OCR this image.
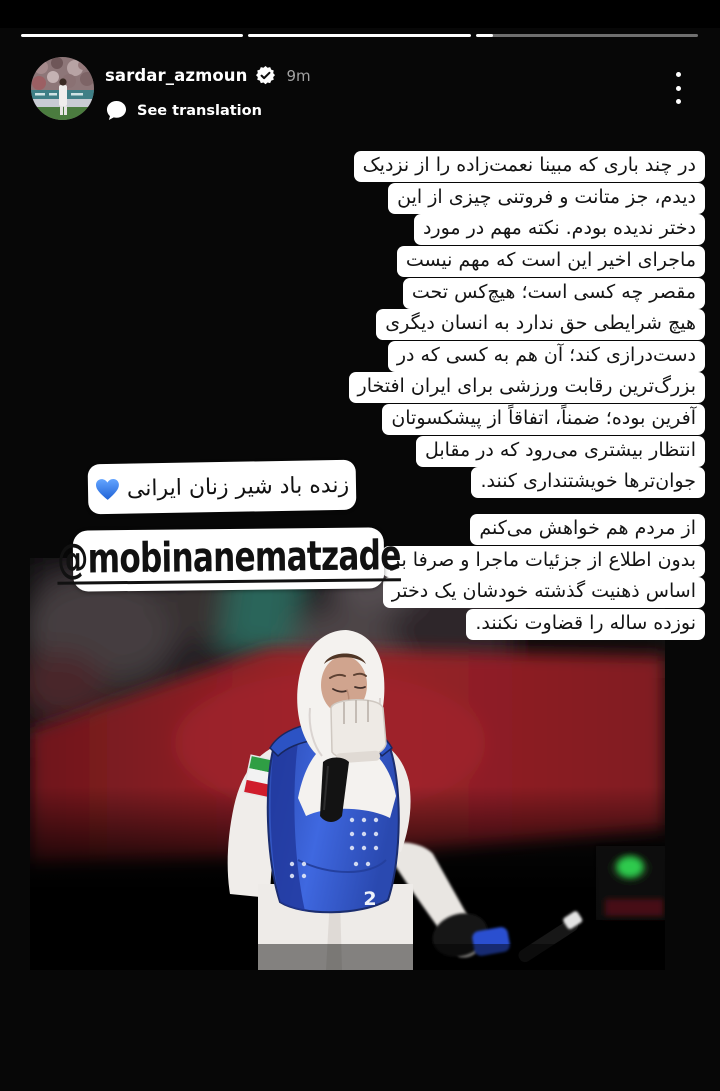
sardar_azmoun	9m
See translation
در چند باری که مبینا نعمت‌زاده را از نزدیک
دیدم، جز متانت و فروتنی چیزی از این
دختر ندیده بودم. نکته مهم در مورد
ماجرای اخیر این است که مهم نیست
مقصر چه کسی است؛ هیچ‌کس تحت
هیچ شرایطی حق ندارد به انسان دیگری
دست‌درازی کند؛ آن هم به کسی که در
بزرگ‌ترین رقابت ورزشی برای ایران افتخار
آفرین بوده؛ ضمناً، اتفاقاً از پیشکسوتان
انتظار بیشتری می‌رود که در مقابل
جوان‌ترها خویشتنداری کنند.
از مردم هم خواهش می‌کنم
بدون اطلاع از جزئیات ماجرا و صرفا بر
اساس ذهنیت گذشته خودشان یک دختر
نوزده ساله را قضاوت نکنند.
زنده باد شیر زنان ایرانی
@mobinanematzade
2
